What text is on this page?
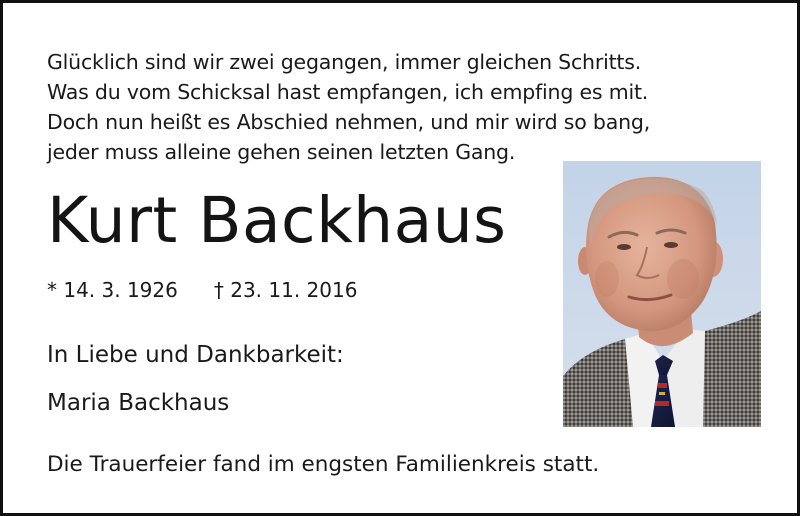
Glücklich sind wir zwei gegangen, immer gleichen Schritts.
Was du vom Schicksal hast empfangen, ich empfing es mit.
Doch nun heißt es Abschied nehmen, und mir wird so bang,
jeder muss alleine gehen seinen letzten Gang.
Kurt Backhaus
* 14. 3. 1926 † 23. 11. 2016
In Liebe und Dankbarkeit:
Maria Backhaus
Die Trauerfeier fand im engsten Familienkreis statt.
